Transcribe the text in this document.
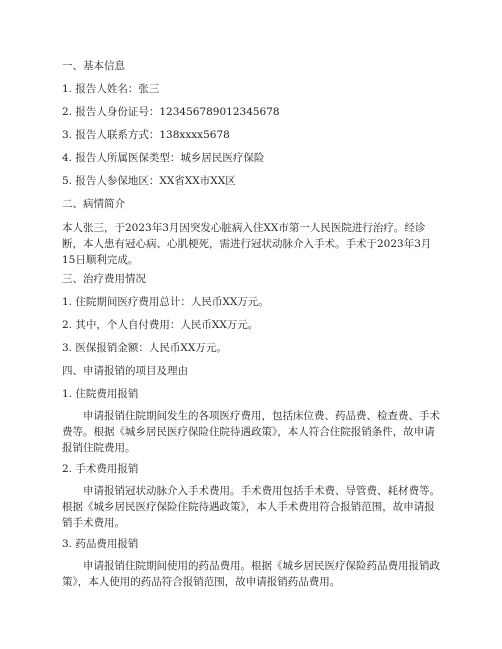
一、基本信息
1. 报告人姓名：张三
2. 报告人身份证号：123456789012345678
3. 报告人联系方式：138xxxx5678
4. 报告人所属医保类型：城乡居民医疗保险
5. 报告人参保地区：XX省XX市XX区
二、病情简介
本人张三，于2023年3月因突发心脏病入住XX市第一人民医院进行治疗。经诊断，本人患有冠心病、心肌梗死，需进行冠状动脉介入手术。手术于2023年3月15日顺利完成。
三、治疗费用情况
1. 住院期间医疗费用总计：人民币XX万元。
2. 其中，个人自付费用：人民币XX万元。
3. 医保报销金额：人民币XX万元。
四、申请报销的项目及理由
1. 住院费用报销
申请报销住院期间发生的各项医疗费用，包括床位费、药品费、检查费、手术费等。根据《城乡居民医疗保险住院待遇政策》，本人符合住院报销条件，故申请报销住院费用。
2. 手术费用报销
申请报销冠状动脉介入手术费用。手术费用包括手术费、导管费、耗材费等。根据《城乡居民医疗保险住院待遇政策》，本人手术费用符合报销范围，故申请报销手术费用。
3. 药品费用报销
申请报销住院期间使用的药品费用。根据《城乡居民医疗保险药品费用报销政策》，本人使用的药品符合报销范围，故申请报销药品费用。
